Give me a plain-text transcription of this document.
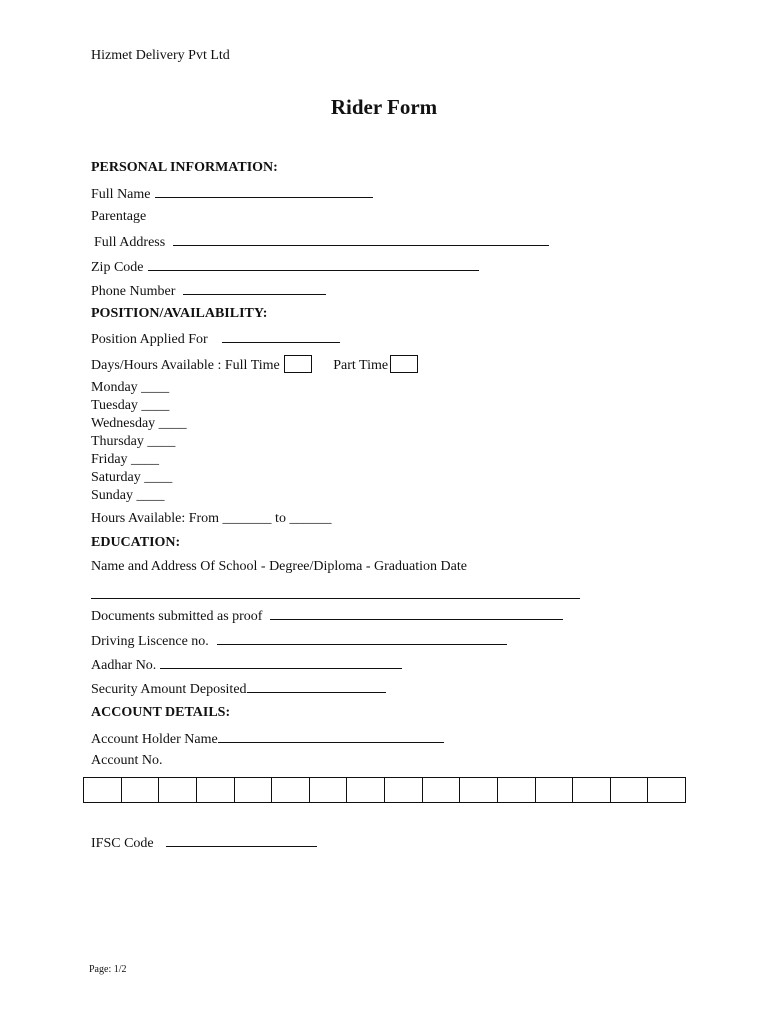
Hizmet Delivery Pvt Ltd
Rider Form
PERSONAL INFORMATION:
Full Name
Parentage
Full Address
Zip Code
Phone Number
POSITION/AVAILABILITY:
Position Applied For
Days/Hours Available : Full Time	Part Time
Monday ____
Tuesday ____
Wednesday ____
Thursday ____
Friday ____
Saturday ____
Sunday ____
Hours Available: From _______ to ______
EDUCATION:
Name and Address Of School - Degree/Diploma - Graduation Date
Documents submitted as proof
Driving Liscence no.
Aadhar No.
Security Amount Deposited
ACCOUNT DETAILS:
Account Holder Name
Account No.
IFSC Code
Page: 1/2
